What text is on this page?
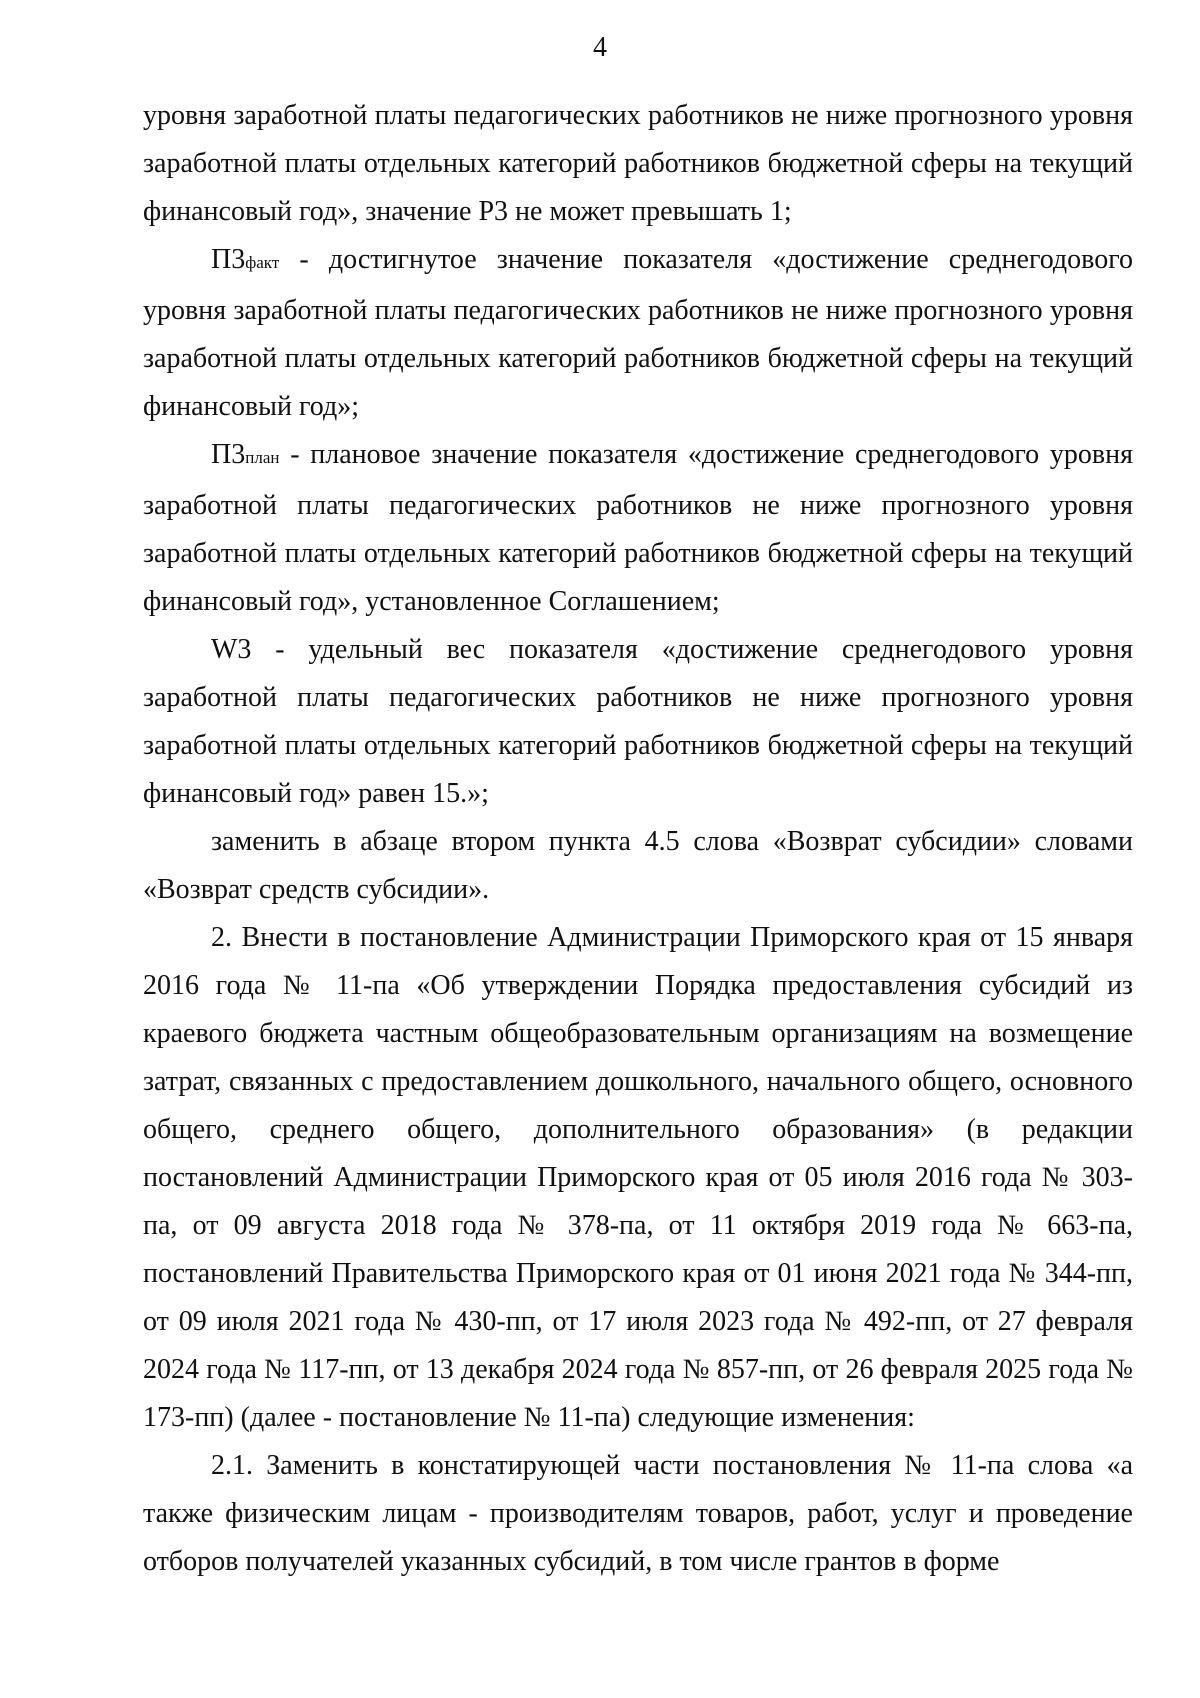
4

уровня заработной платы педагогических работников не ниже прогнозного уровня заработной платы отдельных категорий работников бюджетной сферы на текущий финансовый год», значение Р3 не может превышать 1;

П3факт - достигнутое значение показателя «достижение среднегодового уровня заработной платы педагогических работников не ниже прогнозного уровня заработной платы отдельных категорий работников бюджетной сферы на текущий финансовый год»;

П3план - плановое значение показателя «достижение среднегодового уровня заработной платы педагогических работников не ниже прогнозного уровня заработной платы отдельных категорий работников бюджетной сферы на текущий финансовый год», установленное Соглашением;

W3 - удельный вес показателя «достижение среднегодового уровня заработной платы педагогических работников не ниже прогнозного уровня заработной платы отдельных категорий работников бюджетной сферы на текущий финансовый год» равен 15.»;

заменить в абзаце втором пункта 4.5 слова «Возврат субсидии» словами «Возврат средств субсидии».

2. Внести в постановление Администрации Приморского края от 15 января 2016 года № 11-па «Об утверждении Порядка предоставления субсидий из краевого бюджета частным общеобразовательным организациям на возмещение затрат, связанных с предоставлением дошкольного, начального общего, основного общего, среднего общего, дополнительного образования» (в редакции постановлений Администрации Приморского края от 05 июля 2016 года № 303-па, от 09 августа 2018 года № 378-па, от 11 октября 2019 года № 663-па, постановлений Правительства Приморского края от 01 июня 2021 года № 344-пп, от 09 июля 2021 года № 430-пп, от 17 июля 2023 года № 492-пп, от 27 февраля 2024 года № 117-пп, от 13 декабря 2024 года № 857-пп, от 26 февраля 2025 года № 173-пп) (далее - постановление № 11-па) следующие изменения:

2.1. Заменить в констатирующей части постановления № 11-па слова «а также физическим лицам - производителям товаров, работ, услуг и проведение отборов получателей указанных субсидий, в том числе грантов в форме
